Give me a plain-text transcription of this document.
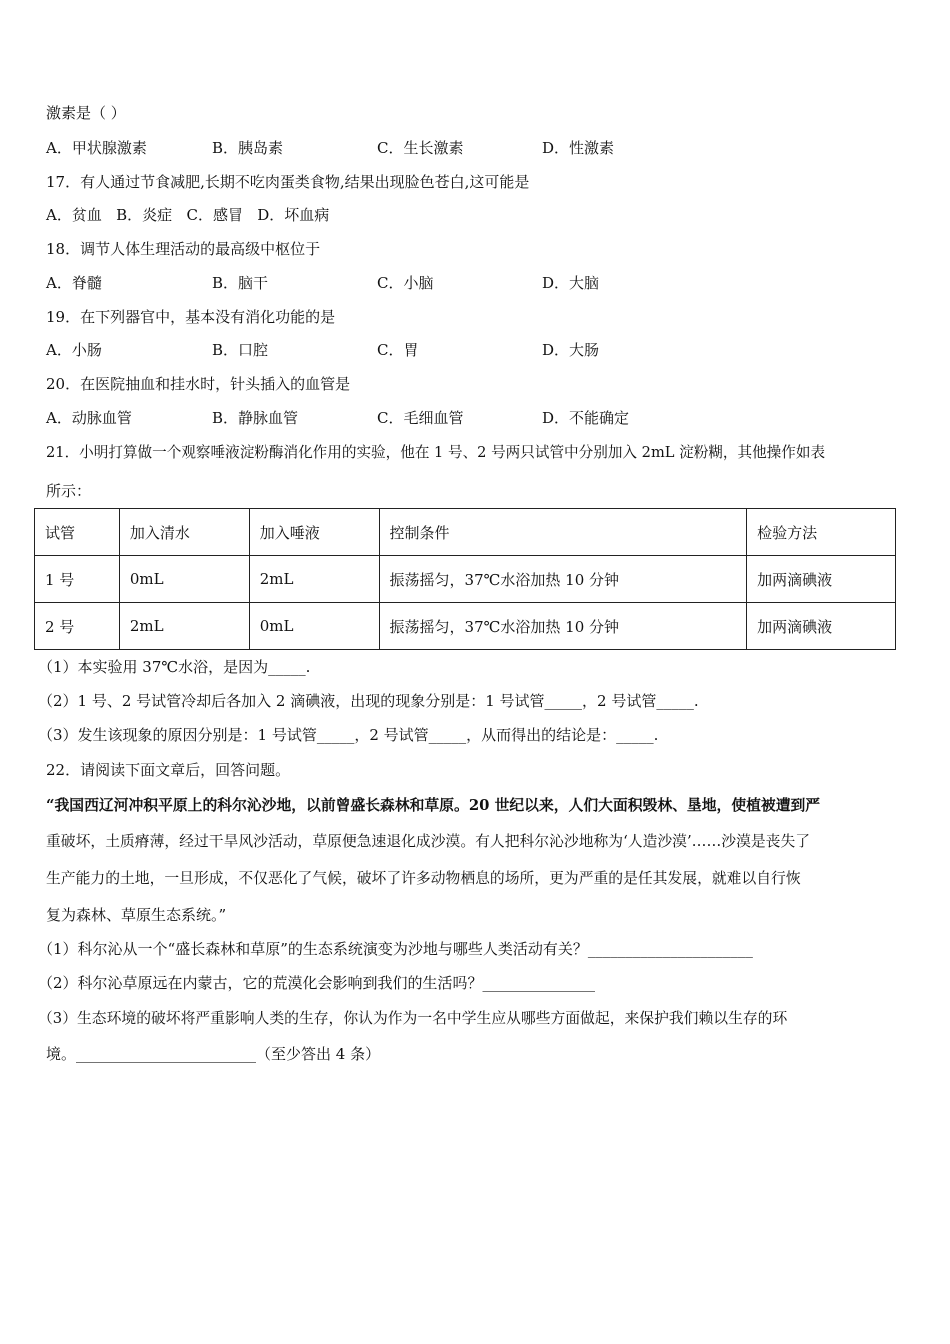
激素是（ ）
A．甲状腺激素	B．胰岛素	C．生长激素	D．性激素
17．有人通过节食减肥,长期不吃肉蛋类食物,结果出现脸色苍白,这可能是
A．贫血   B．炎症   C．感冒   D．坏血病
18．调节人体生理活动的最高级中枢位于
A．脊髓	B．脑干	C．小脑	D．大脑
19．在下列器官中，基本没有消化功能的是
A．小肠	B．口腔	C．胃	D．大肠
20．在医院抽血和挂水时，针头插入的血管是
A．动脉血管	B．静脉血管	C．毛细血管	D．不能确定
21．小明打算做一个观察唾液淀粉酶消化作用的实验，他在 1 号、2 号两只试管中分别加入 2mL 淀粉糊，其他操作如表
所示：
试管	加入清水	加入唾液	控制条件	检验方法
1 号	0mL	2mL	振荡摇匀，37℃水浴加热 10 分钟	加两滴碘液
2 号	2mL	0mL	振荡摇匀，37℃水浴加热 10 分钟	加两滴碘液
（1）本实验用 37℃水浴，是因为_____.
（2）1 号、2 号试管冷却后各加入 2 滴碘液，出现的现象分别是：1 号试管_____，2 号试管_____.
（3）发生该现象的原因分别是：1 号试管_____，2 号试管_____，从而得出的结论是：_____.
22．请阅读下面文章后，回答问题。
“我国西辽河冲积平原上的科尔沁沙地，以前曾盛长森林和草原。20 世纪以来，人们大面积毁林、垦地，使植被遭到严
重破坏，土质瘠薄，经过干旱风沙活动，草原便急速退化成沙漠。有人把科尔沁沙地称为‘人造沙漠’……沙漠是丧失了
生产能力的土地，一旦形成，不仅恶化了气候，破坏了许多动物栖息的场所，更为严重的是任其发展，就难以自行恢
复为森林、草原生态系统。”
（1）科尔沁从一个“盛长森林和草原”的生态系统演变为沙地与哪些人类活动有关？______________________
（2）科尔沁草原远在内蒙古，它的荒漠化会影响到我们的生活吗？_______________
（3）生态环境的破坏将严重影响人类的生存，你认为作为一名中学生应从哪些方面做起，来保护我们赖以生存的环
境。________________________（至少答出 4 条）
